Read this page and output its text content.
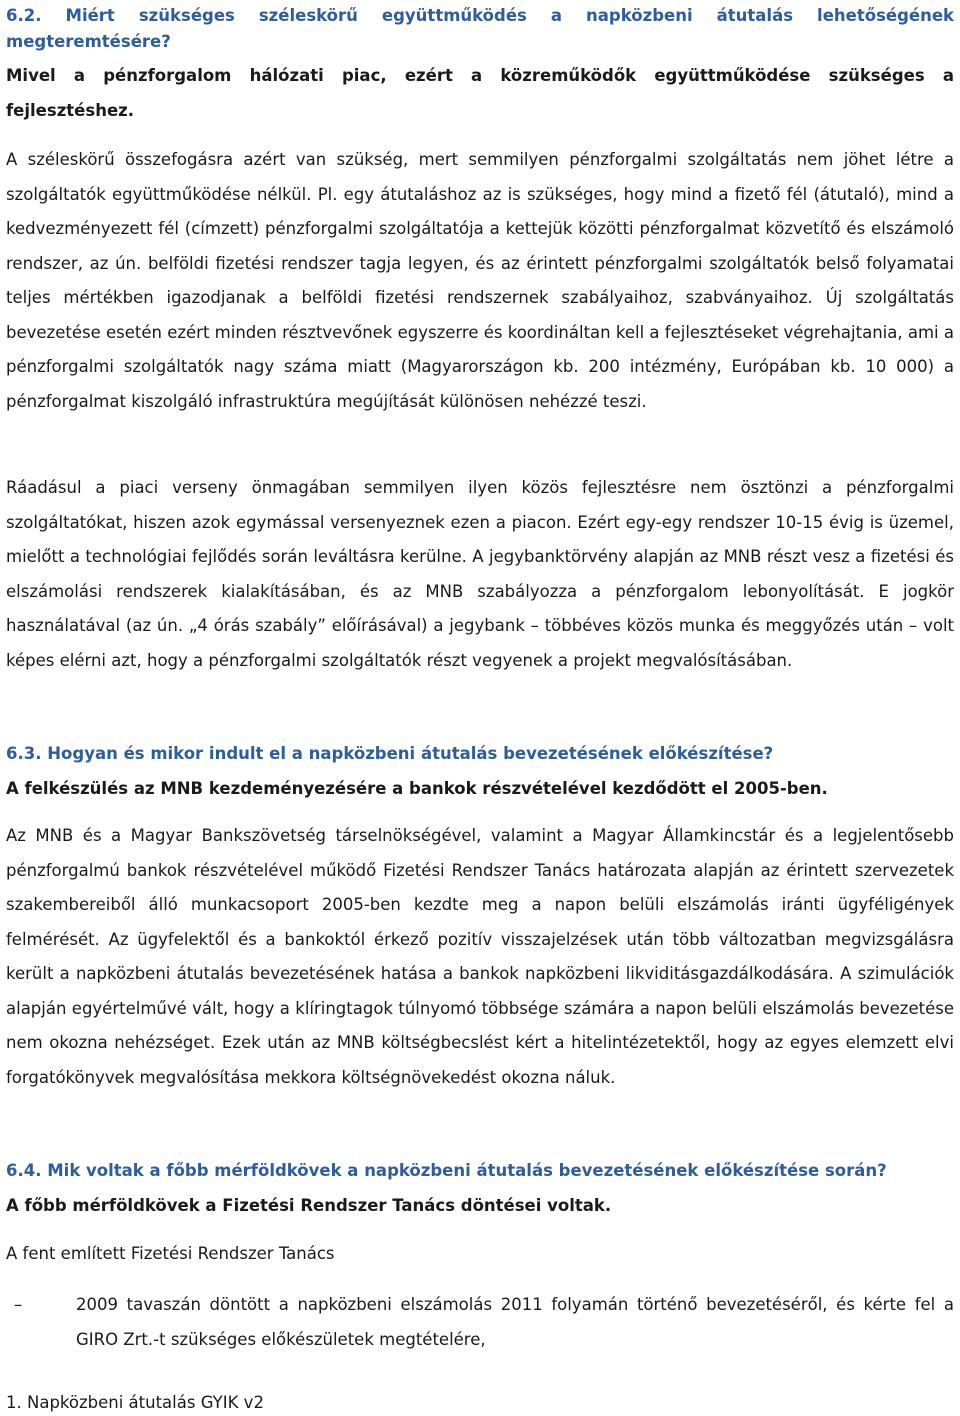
6.2. Miért szükséges széleskörű együttműködés a napközbeni átutalás lehetőségének megteremtésére?

Mivel a pénzforgalom hálózati piac, ezért a közreműködők együttműködése szükséges a fejlesztéshez.

A széleskörű összefogásra azért van szükség, mert semmilyen pénzforgalmi szolgáltatás nem jöhet létre a szolgáltatók együttműködése nélkül. Pl. egy átutaláshoz az is szükséges, hogy mind a fizető fél (átutaló), mind a kedvezményezett fél (címzett) pénzforgalmi szolgáltatója a kettejük közötti pénzforgalmat közvetítő és elszámoló rendszer, az ún. belföldi fizetési rendszer tagja legyen, és az érintett pénzforgalmi szolgáltatók belső folyamatai teljes mértékben igazodjanak a belföldi fizetési rendszernek szabályaihoz, szabványaihoz. Új szolgáltatás bevezetése esetén ezért minden résztvevőnek egyszerre és koordináltan kell a fejlesztéseket végrehajtania, ami a pénzforgalmi szolgáltatók nagy száma miatt (Magyarországon kb. 200 intézmény, Európában kb. 10 000) a pénzforgalmat kiszolgáló infrastruktúra megújítását különösen nehézzé teszi.

Ráadásul a piaci verseny önmagában semmilyen ilyen közös fejlesztésre nem ösztönzi a pénzforgalmi szolgáltatókat, hiszen azok egymással versenyeznek ezen a piacon. Ezért egy-egy rendszer 10-15 évig is üzemel, mielőtt a technológiai fejlődés során leváltásra kerülne. A jegybanktörvény alapján az MNB részt vesz a fizetési és elszámolási rendszerek kialakításában, és az MNB szabályozza a pénzforgalom lebonyolítását. E jogkör használatával (az ún. „4 órás szabály” előírásával) a jegybank – többéves közös munka és meggyőzés után – volt képes elérni azt, hogy a pénzforgalmi szolgáltatók részt vegyenek a projekt megvalósításában.

6.3. Hogyan és mikor indult el a napközbeni átutalás bevezetésének előkészítése?

A felkészülés az MNB kezdeményezésére a bankok részvételével kezdődött el 2005-ben.

Az MNB és a Magyar Bankszövetség társelnökségével, valamint a Magyar Államkincstár és a legjelentősebb pénzforgalmú bankok részvételével működő Fizetési Rendszer Tanács határozata alapján az érintett szervezetek szakembereiből álló munkacsoport 2005-ben kezdte meg a napon belüli elszámolás iránti ügyféligények felmérését. Az ügyfelektől és a bankoktól érkező pozitív visszajelzések után több változatban megvizsgálásra került a napközbeni átutalás bevezetésének hatása a bankok napközbeni likviditásgazdálkodására. A szimulációk alapján egyértelművé vált, hogy a klíringtagok túlnyomó többsége számára a napon belüli elszámolás bevezetése nem okozna nehézséget. Ezek után az MNB költségbecslést kért a hitelintézetektől, hogy az egyes elemzett elvi forgatókönyvek megvalósítása mekkora költségnövekedést okozna náluk.

6.4. Mik voltak a főbb mérföldkövek a napközbeni átutalás bevezetésének előkészítése során?

A főbb mérföldkövek a Fizetési Rendszer Tanács döntései voltak.

A fent említett Fizetési Rendszer Tanács

–	2009 tavaszán döntött a napközbeni elszámolás 2011 folyamán történő bevezetéséről, és kérte fel a GIRO Zrt.-t szükséges előkészületek megtételére,
1. Napközbeni átutalás GYIK v2
